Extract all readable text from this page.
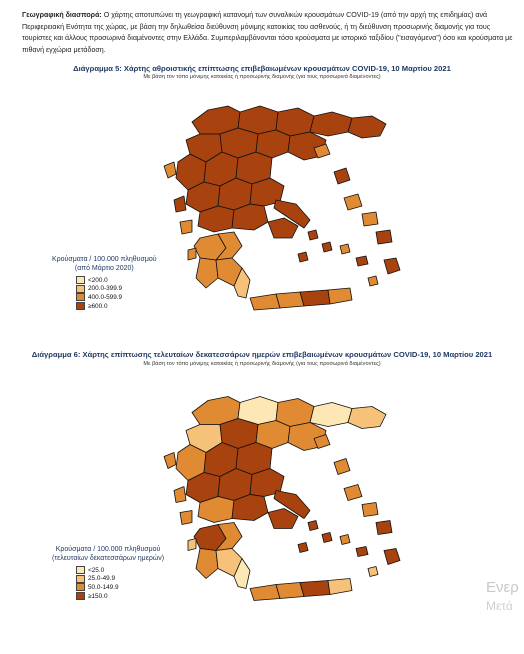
Γεωγραφική διασπορά: Ο χάρτης αποτυπώνει τη γεωγραφική κατανομή των συναλικών κρουσμάτων COVID-19 (από την αρχή της επιδημίας) ανά Περιφερειακή Ενότητα της χώρας, με βάση την δηλωθείσα διεύθυνση μόνιμης κατοικίας του ασθενούς, ή τη διεύθυνση προσωρινής διαμονής για τους τουρίστες και άλλους προσωρινά διαμένοντες στην Ελλάδα. Συμπεριλαμβάνονται τόσο κρούσματα με ιστορικό ταξιδίου ("εισαγόμενα") όσο και κρούσματα με πιθανή εγχώρια μετάδοση.
Διάγραμμα 5: Χάρτης αθροιστικής επίπτωσης επιβεβαιωμένων κρουσμάτων COVID-19, 10 Μαρτίου 2021
Με βάση τον τόπο μόνιμης κατοικίας ή προσωρινής διαμονής (για τους προσωρινά διαμένοντες)
Κρούσματα / 100.000 πληθυσμού
(από Μάρτιο 2020)
<200.0
200.0-399.9
400.0-599.9
≥600.0
Διάγραμμα 6: Χάρτης επίπτωσης τελευταίων δεκατεσσάρων ημερών επιβεβαιωμένων κρουσμάτων COVID-19, 10 Μαρτίου 2021
Με βάση τον τόπο μόνιμης κατοικίας ή προσωρινής διαμονής (για τους προσωρινά διαμένοντες)
Κρούσματα / 100.000 πληθυσμού
(τελευταίων δεκατεσσάρων ημερών)
<25.0
25.0-49.9
50.0-149.9
≥150.0
Ενερ
Μετά
